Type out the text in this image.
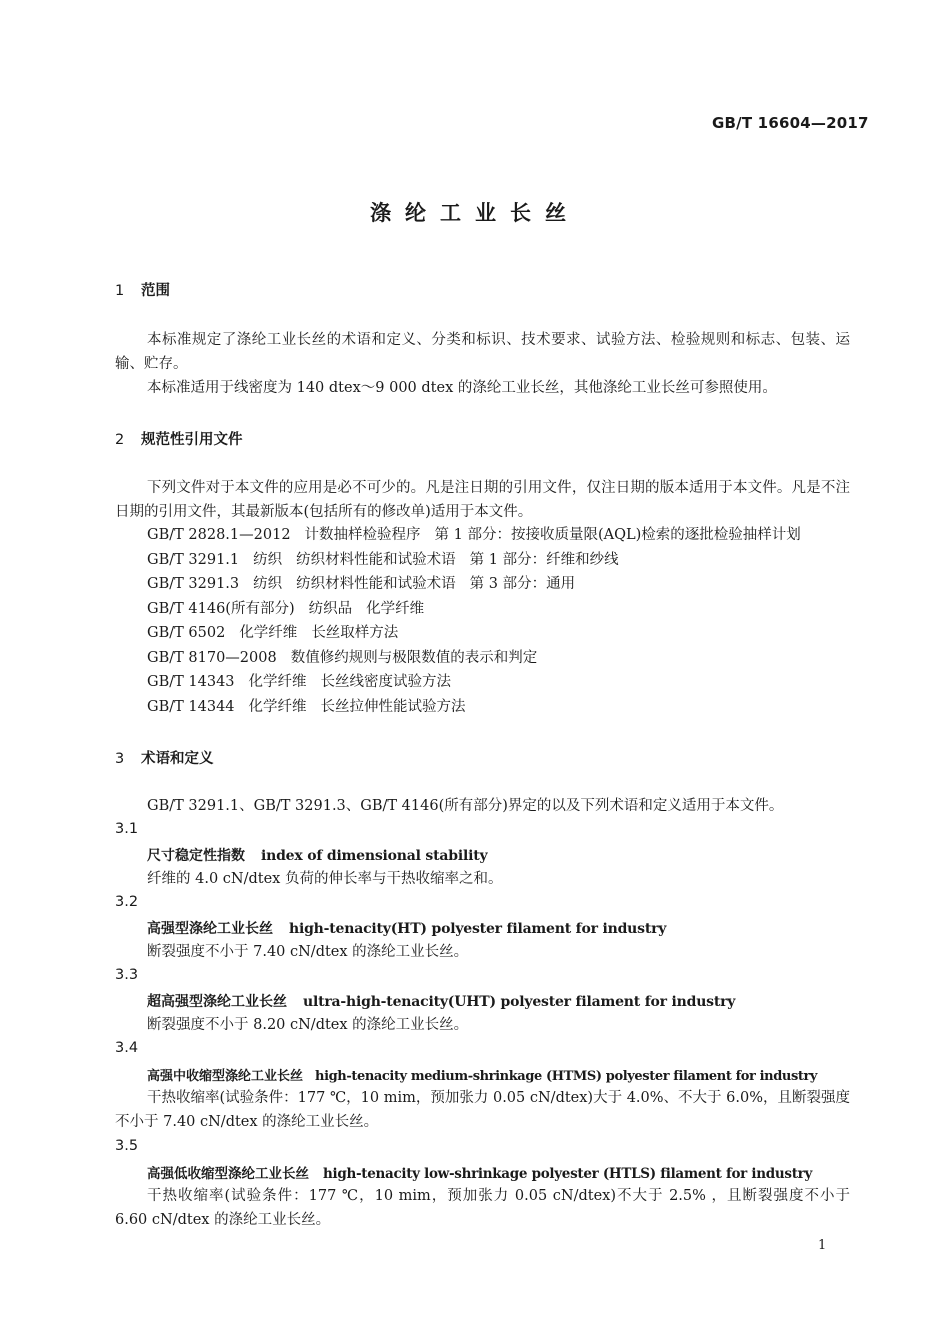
GB/T 16604—2017
涤纶工业长丝
1 范围
本标准规定了涤纶工业长丝的术语和定义、分类和标识、技术要求、试验方法、检验规则和标志、包装、运输、贮存。
本标准适用于线密度为 140 dtex～9 000 dtex 的涤纶工业长丝，其他涤纶工业长丝可参照使用。
2 规范性引用文件
下列文件对于本文件的应用是必不可少的。凡是注日期的引用文件，仅注日期的版本适用于本文件。凡是不注日期的引用文件，其最新版本(包括所有的修改单)适用于本文件。
GB/T 2828.1—2012 计数抽样检验程序 第 1 部分：按接收质量限(AQL)检索的逐批检验抽样计划
GB/T 3291.1 纺织 纺织材料性能和试验术语 第 1 部分：纤维和纱线
GB/T 3291.3 纺织 纺织材料性能和试验术语 第 3 部分：通用
GB/T 4146(所有部分) 纺织品 化学纤维
GB/T 6502 化学纤维 长丝取样方法
GB/T 8170—2008 数值修约规则与极限数值的表示和判定
GB/T 14343 化学纤维 长丝线密度试验方法
GB/T 14344 化学纤维 长丝拉伸性能试验方法
3 术语和定义
GB/T 3291.1、GB/T 3291.3、GB/T 4146(所有部分)界定的以及下列术语和定义适用于本文件。
3.1
尺寸稳定性指数 index of dimensional stability
纤维的 4.0 cN/dtex 负荷的伸长率与干热收缩率之和。
3.2
高强型涤纶工业长丝 high-tenacity(HT) polyester filament for industry
断裂强度不小于 7.40 cN/dtex 的涤纶工业长丝。
3.3
超高强型涤纶工业长丝 ultra-high-tenacity(UHT) polyester filament for industry
断裂强度不小于 8.20 cN/dtex 的涤纶工业长丝。
3.4
高强中收缩型涤纶工业长丝 high-tenacity medium-shrinkage (HTMS) polyester filament for industry
干热收缩率(试验条件：177 ℃，10 mim，预加张力 0.05 cN/dtex)大于 4.0%、不大于 6.0%，且断裂强度不小于 7.40 cN/dtex 的涤纶工业长丝。
3.5
高强低收缩型涤纶工业长丝 high-tenacity low-shrinkage polyester (HTLS) filament for industry
干热收缩率(试验条件：177 ℃，10 mim，预加张力 0.05 cN/dtex)不大于 2.5% ，且断裂强度不小于 6.60 cN/dtex 的涤纶工业长丝。
1
